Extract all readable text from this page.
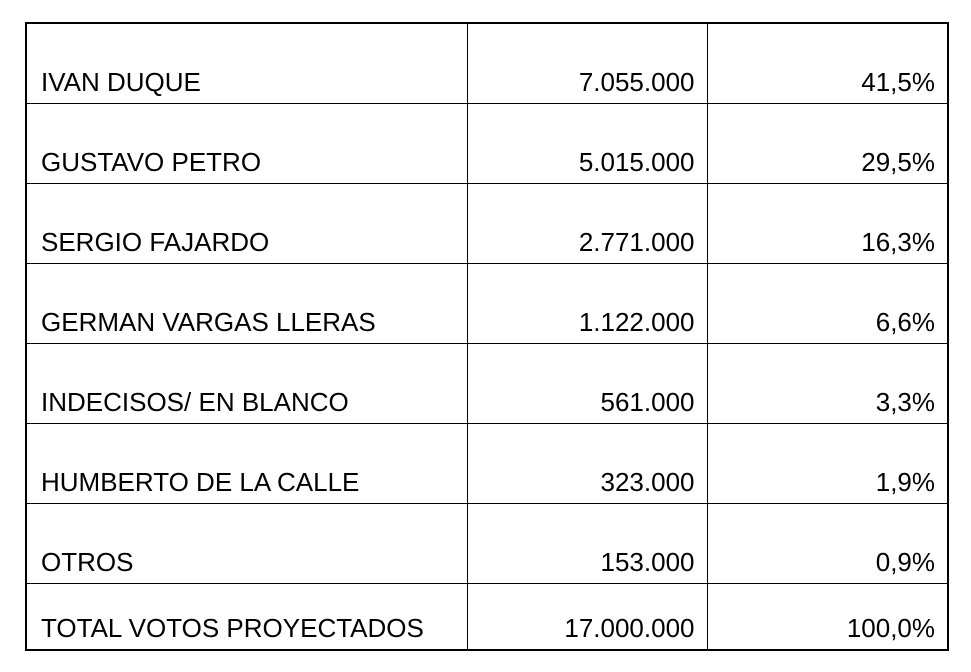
IVAN DUQUE	7.055.000	41,5%
GUSTAVO PETRO	5.015.000	29,5%
SERGIO FAJARDO	2.771.000	16,3%
GERMAN VARGAS LLERAS	1.122.000	6,6%
INDECISOS/ EN BLANCO	561.000	3,3%
HUMBERTO DE LA CALLE	323.000	1,9%
OTROS	153.000	0,9%
TOTAL VOTOS PROYECTADOS	17.000.000	100,0%
